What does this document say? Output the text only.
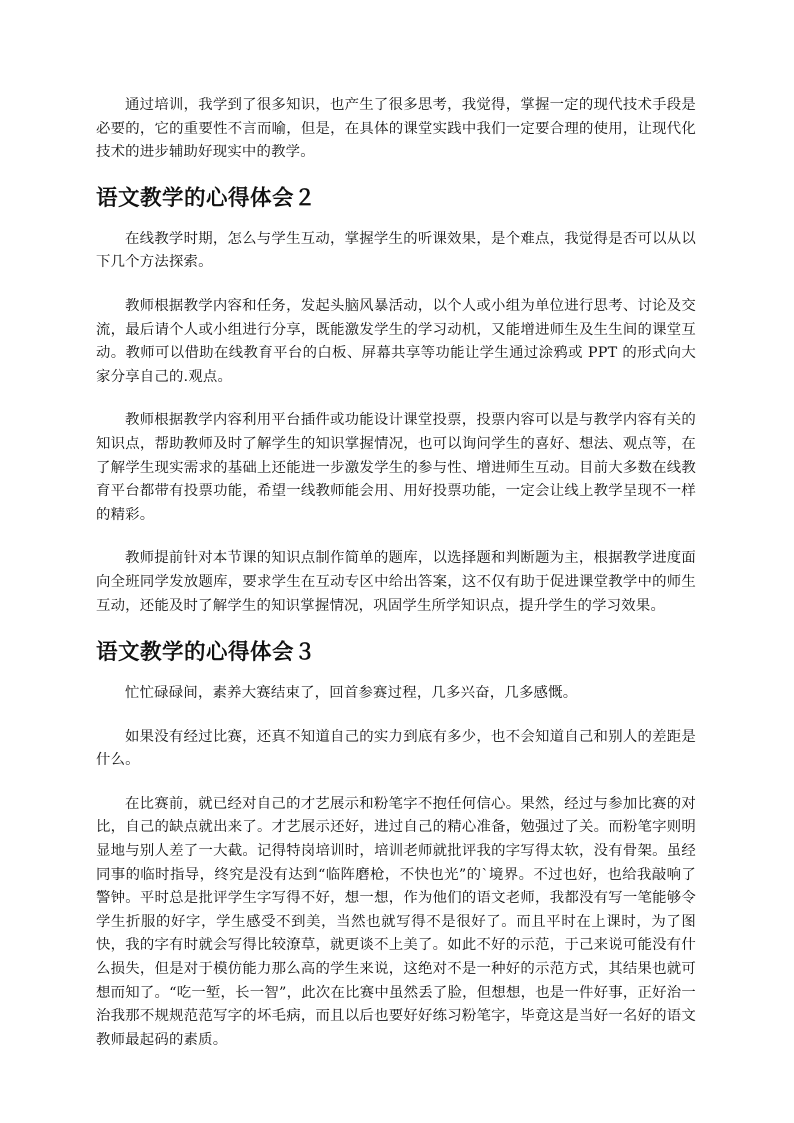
通过培训，我学到了很多知识，也产生了很多思考，我觉得，掌握一定的现代技术手段是必要的，它的重要性不言而喻，但是，在具体的课堂实践中我们一定要合理的使用，让现代化技术的进步辅助好现实中的教学。

语文教学的心得体会２

在线教学时期，怎么与学生互动，掌握学生的听课效果，是个难点，我觉得是否可以从以下几个方法探索。

教师根据教学内容和任务，发起头脑风暴活动，以个人或小组为单位进行思考、讨论及交流，最后请个人或小组进行分享，既能激发学生的学习动机，又能增进师生及生生间的课堂互动。教师可以借助在线教育平台的白板、屏幕共享等功能让学生通过涂鸦或 PPT 的形式向大家分享自己的.观点。

教师根据教学内容利用平台插件或功能设计课堂投票，投票内容可以是与教学内容有关的知识点，帮助教师及时了解学生的知识掌握情况，也可以询问学生的喜好、想法、观点等，在了解学生现实需求的基础上还能进一步激发学生的参与性、增进师生互动。目前大多数在线教育平台都带有投票功能，希望一线教师能会用、用好投票功能，一定会让线上教学呈现不一样的精彩。

教师提前针对本节课的知识点制作简单的题库，以选择题和判断题为主，根据教学进度面向全班同学发放题库，要求学生在互动专区中给出答案，这不仅有助于促进课堂教学中的师生互动，还能及时了解学生的知识掌握情况，巩固学生所学知识点，提升学生的学习效果。

语文教学的心得体会３

忙忙碌碌间，素养大赛结束了，回首参赛过程，几多兴奋，几多感慨。

如果没有经过比赛，还真不知道自己的实力到底有多少，也不会知道自己和别人的差距是什么。

在比赛前，就已经对自己的才艺展示和粉笔字不抱任何信心。果然，经过与参加比赛的对比，自己的缺点就出来了。才艺展示还好，进过自己的精心准备，勉强过了关。而粉笔字则明显地与别人差了一大截。记得特岗培训时，培训老师就批评我的字写得太软，没有骨架。虽经同事的临时指导，终究是没有达到“临阵磨枪，不快也光”的`境界。不过也好，也给我敲响了警钟。平时总是批评学生字写得不好，想一想，作为他们的语文老师，我都没有写一笔能够令学生折服的好字，学生感受不到美，当然也就写得不是很好了。而且平时在上课时，为了图快，我的字有时就会写得比较潦草，就更谈不上美了。如此不好的示范，于己来说可能没有什么损失，但是对于模仿能力那么高的学生来说，这绝对不是一种好的示范方式，其结果也就可想而知了。“吃一堑，长一智”，此次在比赛中虽然丢了脸，但想想，也是一件好事，正好治一治我那不规规范范写字的坏毛病，而且以后也要好好练习粉笔字，毕竟这是当好一名好的语文教师最起码的素质。
